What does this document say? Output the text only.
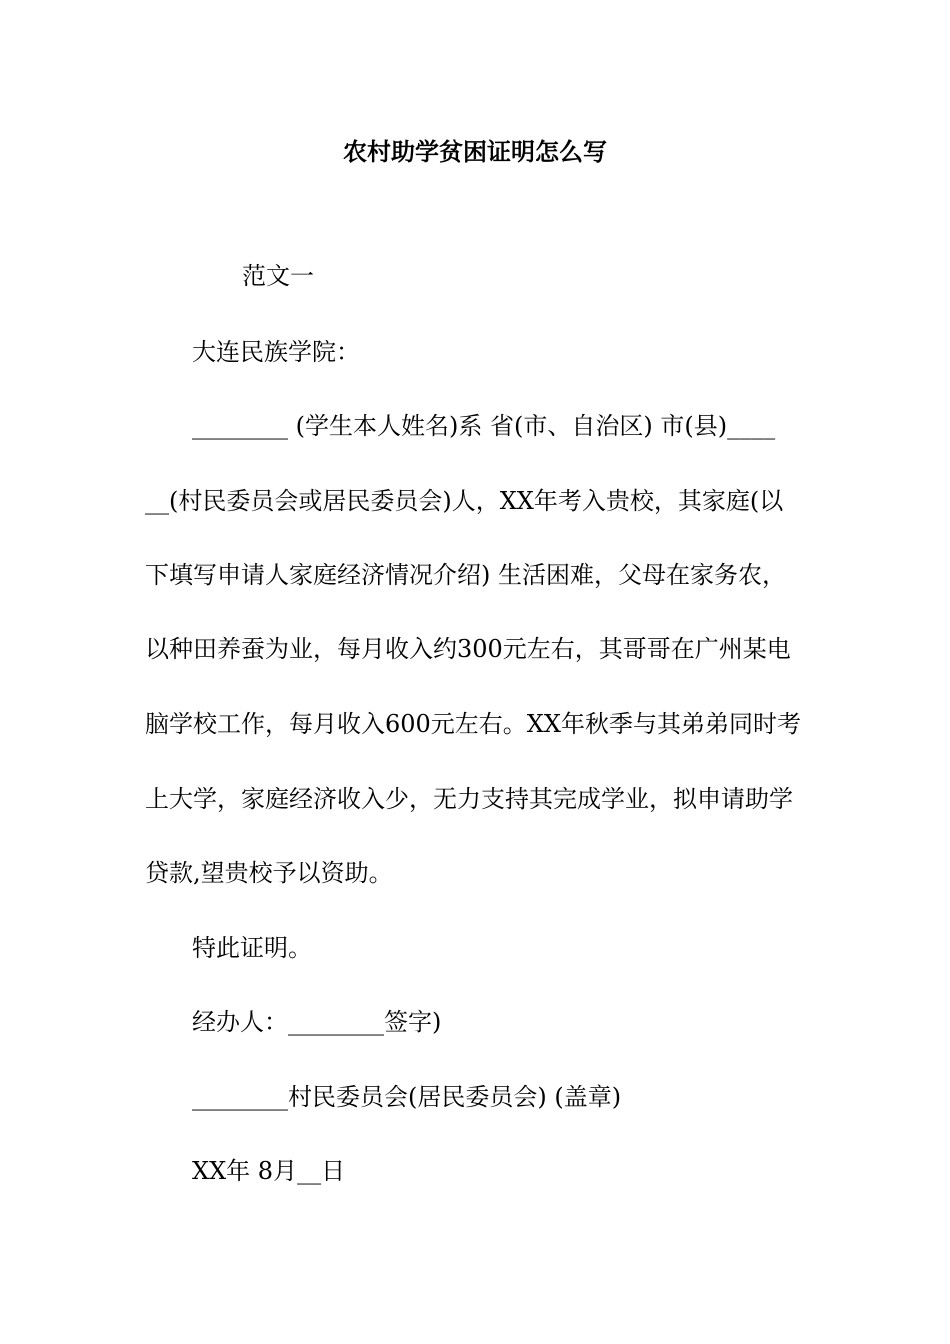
农村助学贫困证明怎么写
范文一
大连民族学院：
________ (学生本人姓名)系 省(市、自治区) 市(县)____
__(村民委员会或居民委员会)人，XX年考入贵校，其家庭(以
下填写申请人家庭经济情况介绍) 生活困难，父母在家务农，
以种田养蚕为业，每月收入约300元左右，其哥哥在广州某电
脑学校工作，每月收入600元左右。XX年秋季与其弟弟同时考
上大学，家庭经济收入少，无力支持其完成学业，拟申请助学
贷款,望贵校予以资助。
特此证明。
经办人：________签字)
________村民委员会(居民委员会) (盖章)
XX年 8月__日
